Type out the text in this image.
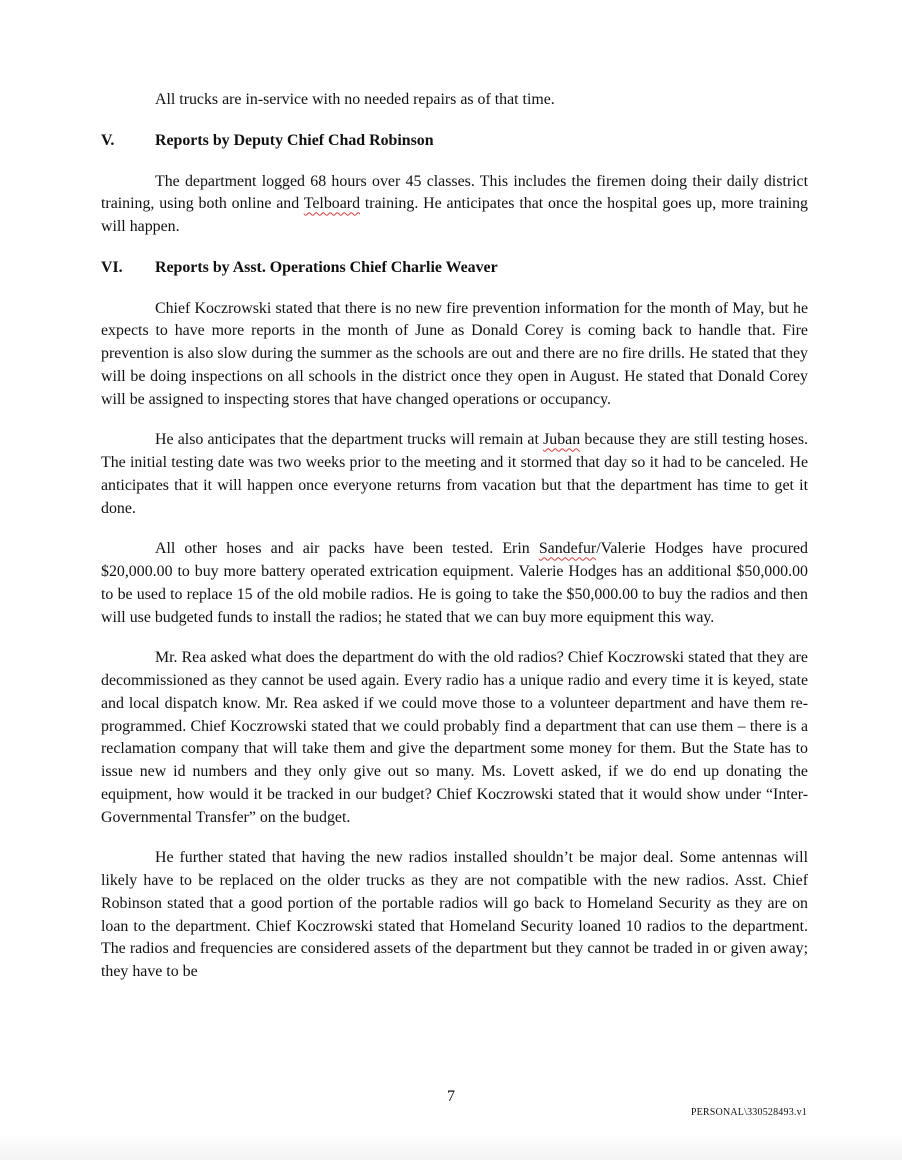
All trucks are in-service with no needed repairs as of that time.

V.	Reports by Deputy Chief Chad Robinson

The department logged 68 hours over 45 classes. This includes the firemen doing their daily district training, using both online and Telboard training. He anticipates that once the hospital goes up, more training will happen.

VI.	Reports by Asst. Operations Chief Charlie Weaver

Chief Koczrowski stated that there is no new fire prevention information for the month of May, but he expects to have more reports in the month of June as Donald Corey is coming back to handle that. Fire prevention is also slow during the summer as the schools are out and there are no fire drills. He stated that they will be doing inspections on all schools in the district once they open in August. He stated that Donald Corey will be assigned to inspecting stores that have changed operations or occupancy.

He also anticipates that the department trucks will remain at Juban because they are still testing hoses. The initial testing date was two weeks prior to the meeting and it stormed that day so it had to be canceled. He anticipates that it will happen once everyone returns from vacation but that the department has time to get it done.

All other hoses and air packs have been tested. Erin Sandefur/Valerie Hodges have procured $20,000.00 to buy more battery operated extrication equipment. Valerie Hodges has an additional $50,000.00 to be used to replace 15 of the old mobile radios. He is going to take the $50,000.00 to buy the radios and then will use budgeted funds to install the radios; he stated that we can buy more equipment this way.

Mr. Rea asked what does the department do with the old radios? Chief Koczrowski stated that they are decommissioned as they cannot be used again. Every radio has a unique radio and every time it is keyed, state and local dispatch know. Mr. Rea asked if we could move those to a volunteer department and have them re-programmed. Chief Koczrowski stated that we could probably find a department that can use them – there is a reclamation company that will take them and give the department some money for them. But the State has to issue new id numbers and they only give out so many. Ms. Lovett asked, if we do end up donating the equipment, how would it be tracked in our budget? Chief Koczrowski stated that it would show under “Inter-Governmental Transfer” on the budget.

He further stated that having the new radios installed shouldn’t be major deal. Some antennas will likely have to be replaced on the older trucks as they are not compatible with the new radios. Asst. Chief Robinson stated that a good portion of the portable radios will go back to Homeland Security as they are on loan to the department. Chief Koczrowski stated that Homeland Security loaned 10 radios to the department. The radios and frequencies are considered assets of the department but they cannot be traded in or given away; they have to be

7
PERSONAL\330528493.v1
